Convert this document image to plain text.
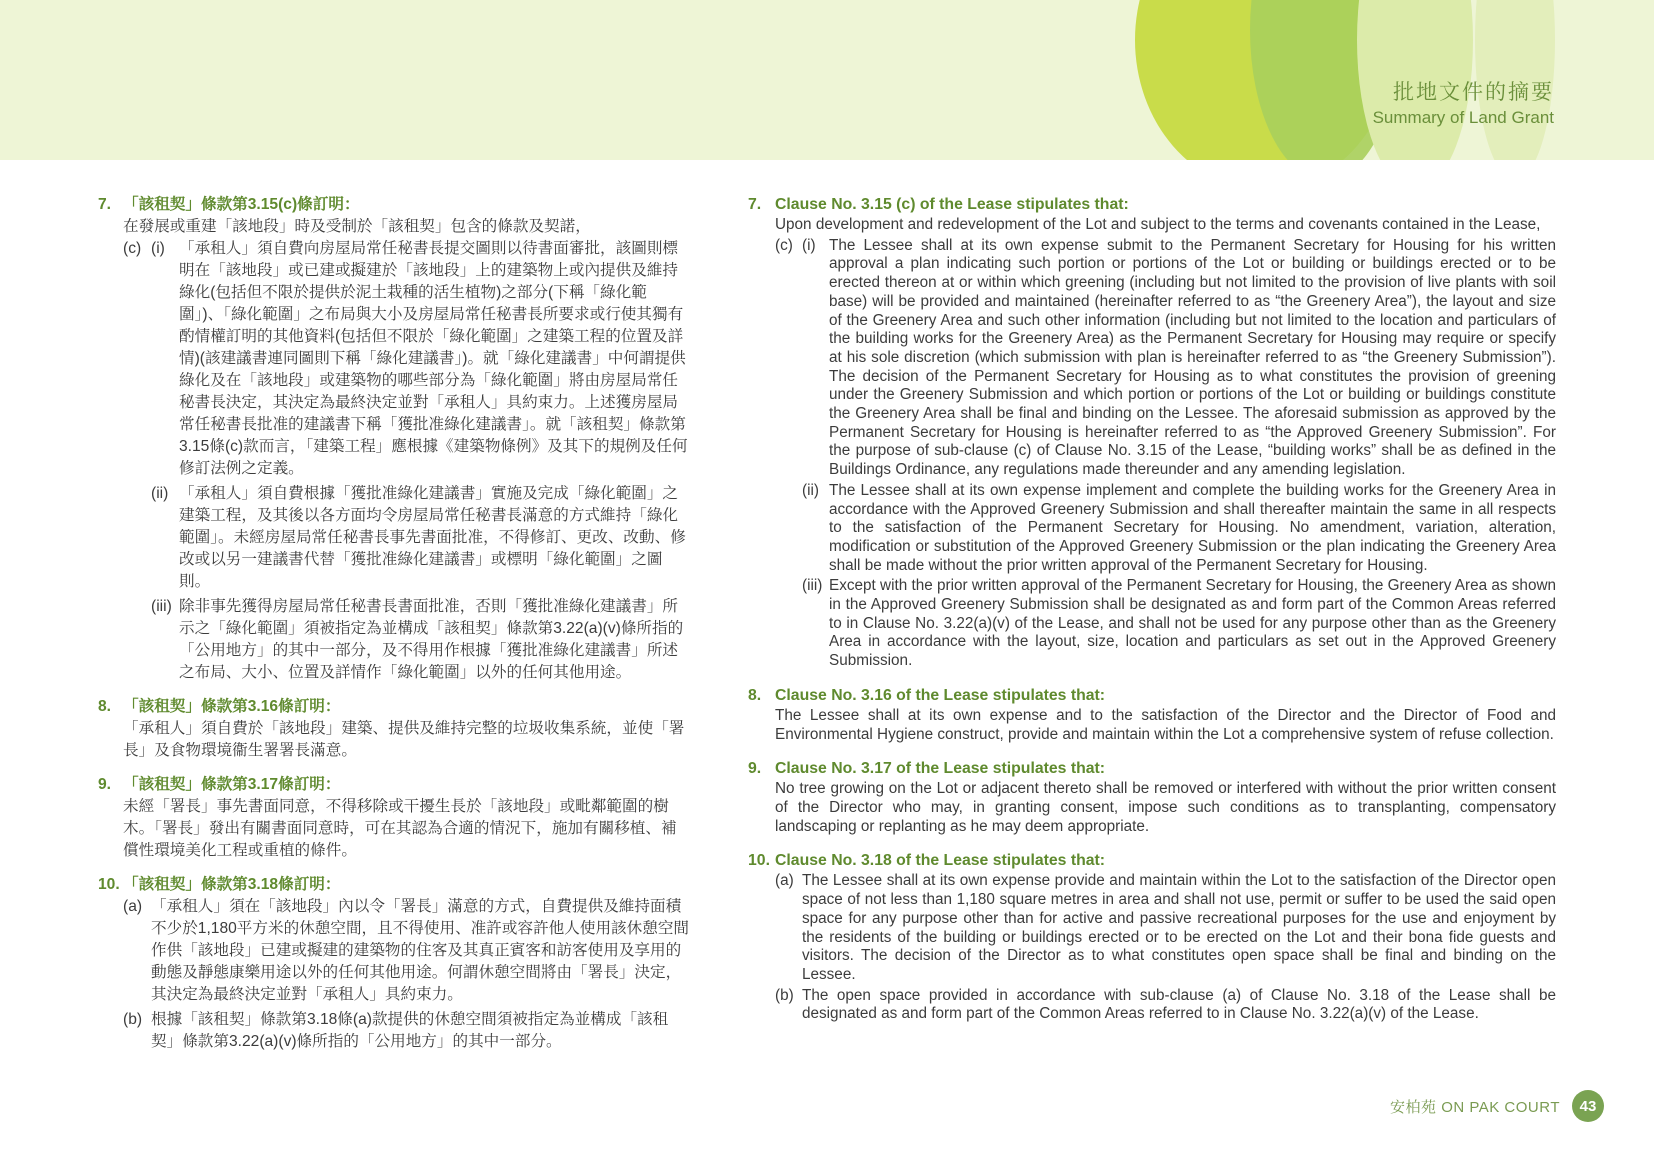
批地文件的摘要
Summary of Land Grant
7. 「該租契」條款第3.15(c)條訂明：
在發展或重建「該地段」時及受制於「該租契」包含的條款及契諾，
(c) (i) 「承租人」須自費向房屋局常任秘書長提交圖則以待書面審批，該圖則標明在「該地段」或已建或擬建於「該地段」上的建築物上或內提供及維持綠化(包括但不限於提供於泥土栽種的活生植物)之部分(下稱「綠化範圍」)、「綠化範圍」之布局與大小及房屋局常任秘書長所要求或行使其獨有酌情權訂明的其他資料(包括但不限於「綠化範圍」之建築工程的位置及詳情)(該建議書連同圖則下稱「綠化建議書」)。就「綠化建議書」中何謂提供綠化及在「該地段」或建築物的哪些部分為「綠化範圍」將由房屋局常任秘書長決定，其決定為最終決定並對「承租人」具約束力。上述獲房屋局常任秘書長批准的建議書下稱「獲批准綠化建議書」。就「該租契」條款第3.15條(c)款而言，「建築工程」應根據《建築物條例》及其下的規例及任何修訂法例之定義。
(ii) 「承租人」須自費根據「獲批准綠化建議書」實施及完成「綠化範圍」之建築工程，及其後以各方面均令房屋局常任秘書長滿意的方式維持「綠化範圍」。未經房屋局常任秘書長事先書面批准，不得修訂、更改、改動、修改或以另一建議書代替「獲批准綠化建議書」或標明「綠化範圍」之圖則。
(iii) 除非事先獲得房屋局常任秘書長書面批准，否則「獲批准綠化建議書」所示之「綠化範圍」須被指定為並構成「該租契」條款第3.22(a)(v)條所指的「公用地方」的其中一部分，及不得用作根據「獲批准綠化建議書」所述之布局、大小、位置及詳情作「綠化範圍」以外的任何其他用途。
8. 「該租契」條款第3.16條訂明：
「承租人」須自費於「該地段」建築、提供及維持完整的垃圾收集系統，並使「署長」及食物環境衞生署署長滿意。
9. 「該租契」條款第3.17條訂明：
未經「署長」事先書面同意，不得移除或干擾生長於「該地段」或毗鄰範圍的樹木。「署長」發出有關書面同意時，可在其認為合適的情況下，施加有關移植、補償性環境美化工程或重植的條件。
10. 「該租契」條款第3.18條訂明：
(a) 「承租人」須在「該地段」內以令「署長」滿意的方式，自費提供及維持面積不少於1,180平方米的休憩空間，且不得使用、准許或容許他人使用該休憩空間作供「該地段」已建或擬建的建築物的住客及其真正賓客和訪客使用及享用的動態及靜態康樂用途以外的任何其他用途。何謂休憩空間將由「署長」決定，其決定為最終決定並對「承租人」具約束力。
(b) 根據「該租契」條款第3.18條(a)款提供的休憩空間須被指定為並構成「該租契」條款第3.22(a)(v)條所指的「公用地方」的其中一部分。
7. Clause No. 3.15 (c) of the Lease stipulates that:
Upon development and redevelopment of the Lot and subject to the terms and covenants contained in the Lease,
(c) (i) The Lessee shall at its own expense submit to the Permanent Secretary for Housing for his written approval a plan indicating such portion or portions of the Lot or building or buildings erected or to be erected thereon at or within which greening (including but not limited to the provision of live plants with soil base) will be provided and maintained (hereinafter referred to as “the Greenery Area”), the layout and size of the Greenery Area and such other information (including but not limited to the location and particulars of the building works for the Greenery Area) as the Permanent Secretary for Housing may require or specify at his sole discretion (which submission with plan is hereinafter referred to as “the Greenery Submission”). The decision of the Permanent Secretary for Housing as to what constitutes the provision of greening under the Greenery Submission and which portion or portions of the Lot or building or buildings constitute the Greenery Area shall be final and binding on the Lessee. The aforesaid submission as approved by the Permanent Secretary for Housing is hereinafter referred to as “the Approved Greenery Submission”. For the purpose of sub-clause (c) of Clause No. 3.15 of the Lease, “building works” shall be as defined in the Buildings Ordinance, any regulations made thereunder and any amending legislation.
(ii) The Lessee shall at its own expense implement and complete the building works for the Greenery Area in accordance with the Approved Greenery Submission and shall thereafter maintain the same in all respects to the satisfaction of the Permanent Secretary for Housing. No amendment, variation, alteration, modification or substitution of the Approved Greenery Submission or the plan indicating the Greenery Area shall be made without the prior written approval of the Permanent Secretary for Housing.
(iii) Except with the prior written approval of the Permanent Secretary for Housing, the Greenery Area as shown in the Approved Greenery Submission shall be designated as and form part of the Common Areas referred to in Clause No. 3.22(a)(v) of the Lease, and shall not be used for any purpose other than as the Greenery Area in accordance with the layout, size, location and particulars as set out in the Approved Greenery Submission.
8. Clause No. 3.16 of the Lease stipulates that:
The Lessee shall at its own expense and to the satisfaction of the Director and the Director of Food and Environmental Hygiene construct, provide and maintain within the Lot a comprehensive system of refuse collection.
9. Clause No. 3.17 of the Lease stipulates that:
No tree growing on the Lot or adjacent thereto shall be removed or interfered with without the prior written consent of the Director who may, in granting consent, impose such conditions as to transplanting, compensatory landscaping or replanting as he may deem appropriate.
10. Clause No. 3.18 of the Lease stipulates that:
(a) The Lessee shall at its own expense provide and maintain within the Lot to the satisfaction of the Director open space of not less than 1,180 square metres in area and shall not use, permit or suffer to be used the said open space for any purpose other than for active and passive recreational purposes for the use and enjoyment by the residents of the building or buildings erected or to be erected on the Lot and their bona fide guests and visitors. The decision of the Director as to what constitutes open space shall be final and binding on the Lessee.
(b) The open space provided in accordance with sub-clause (a) of Clause No. 3.18 of the Lease shall be designated as and form part of the Common Areas referred to in Clause No. 3.22(a)(v) of the Lease.
安柏苑 ON PAK COURT	43
